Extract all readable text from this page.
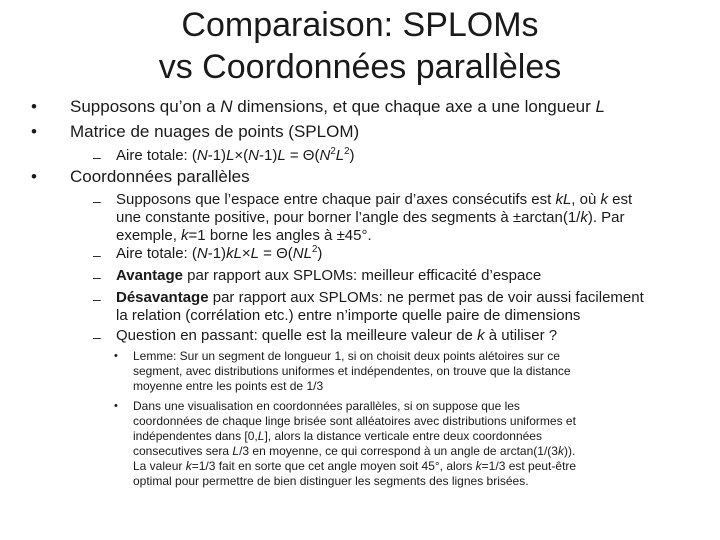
Comparaison: SPLOMs
vs Coordonnées parallèles
• Supposons qu’on a N dimensions, et que chaque axe a une longueur L
• Matrice de nuages de points (SPLOM)
– Aire totale: $(N-1)L\times(N-1)L = \Theta(N^2L^2)$
• Coordonnées parallèles
– Supposons que l’espace entre chaque pair d’axes consécutifs est kL, où k est
une constante positive, pour borner l’angle des segments à ±arctan(1/k). Par
exemple, k=1 borne les angles à ±45°.
– Aire totale: $(N-1)kL\times L = \Theta(NL^2)$
– Avantage par rapport aux SPLOMs: meilleur efficacité d’espace
– Désavantage par rapport aux SPLOMs: ne permet pas de voir aussi facilement
la relation (corrélation etc.) entre n’importe quelle paire de dimensions
– Question en passant: quelle est la meilleure valeur de k à utiliser ?
• Lemme: Sur un segment de longueur 1, si on choisit deux points alétoires sur ce
segment, avec distributions uniformes et indépendentes, on trouve que la distance
moyenne entre les points est de 1/3
• Dans une visualisation en coordonnées parallèles, si on suppose que les
coordonnées de chaque linge brisée sont alléatoires avec distributions uniformes et
indépendentes dans [0,L], alors la distance verticale entre deux coordonnées
consecutives sera L/3 en moyenne, ce qui correspond à un angle de arctan(1/(3k)).
La valeur k=1/3 fait en sorte que cet angle moyen soit 45°, alors k=1/3 est peut-être
optimal pour permettre de bien distinguer les segments des lignes brisées.
